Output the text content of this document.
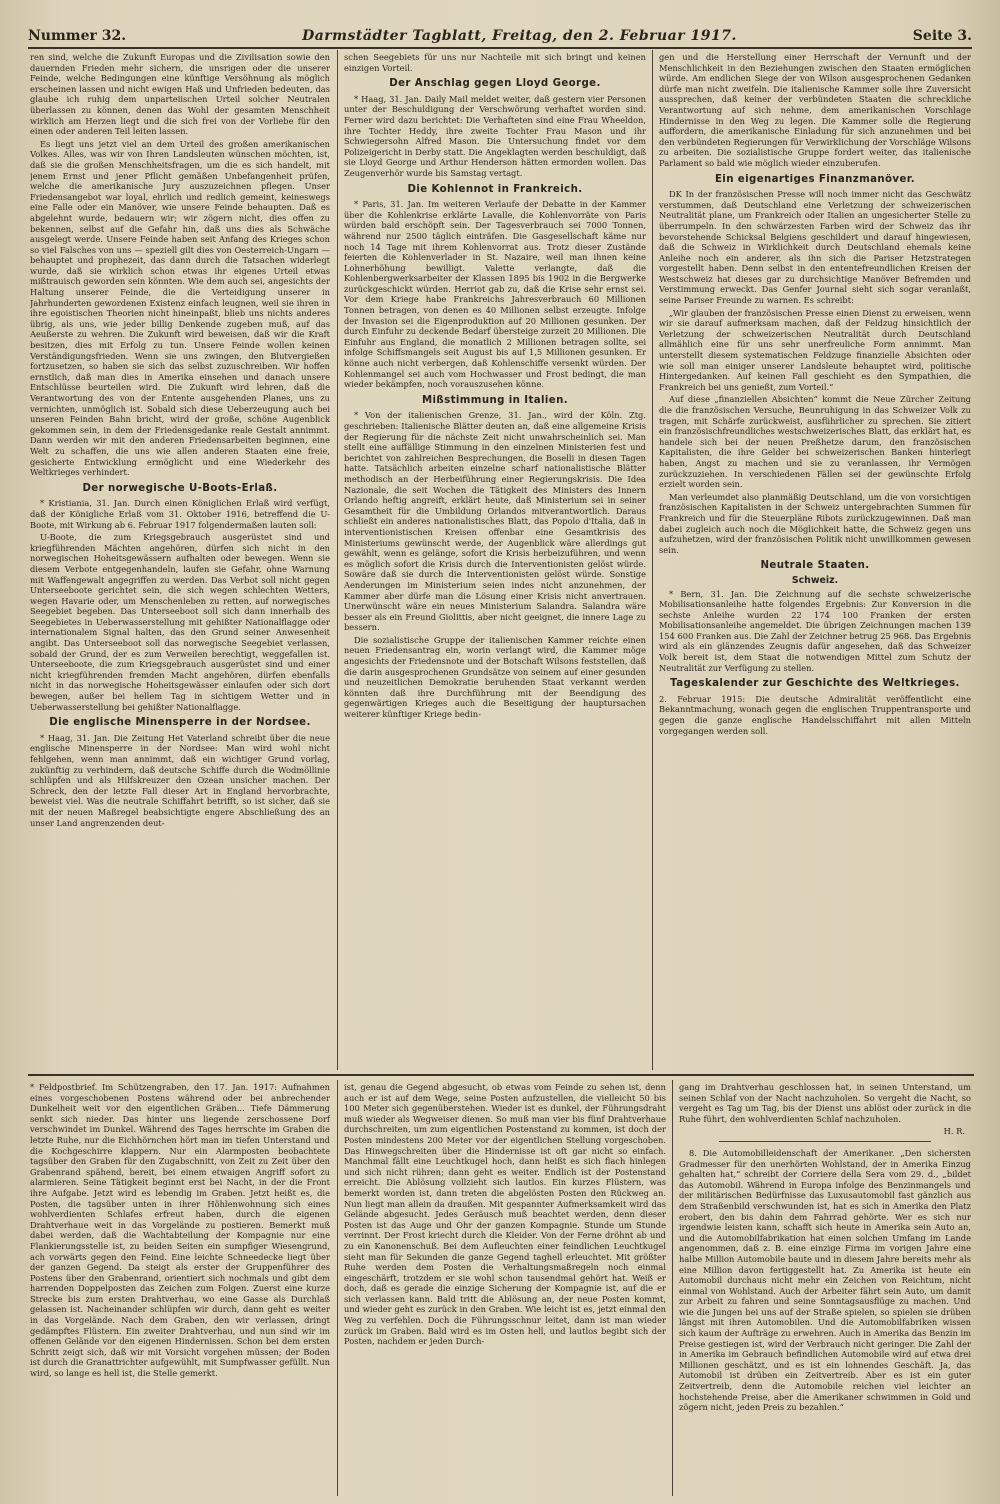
Nummer 32.	Darmstädter Tagblatt, Freitag, den 2. Februar 1917.	Seite 3.

ren sind, welche die Zukunft Europas und die Zivilisation sowie den dauernden Frieden mehr sichern, die unsrigen oder die unserer Feinde, welche Bedingungen eine künftige Versöhnung als möglich erscheinen lassen und nicht ewigen Haß und Unfrieden bedeuten, das glaube ich ruhig dem unparteiischen Urteil solcher Neutralen überlassen zu können, denen das Wohl der gesamten Menschheit wirklich am Herzen liegt und die sich frei von der Vorliebe für den einen oder anderen Teil leiten lassen.

Es liegt uns jetzt viel an dem Urteil des großen amerikanischen Volkes. Alles, was wir von Ihren Landsleuten wünschen möchten, ist, daß sie die großen Menschheitsfragen, um die es sich handelt, mit jenem Ernst und jener Pflicht gemäßen Unbefangenheit prüfen, welche die amerikanische Jury auszuzeichnen pflegen. Unser Friedensangebot war loyal, ehrlich und redlich gemeint, keineswegs eine Falle oder ein Manöver, wie unsere Feinde behaupten. Daß es abgelehnt wurde, bedauern wir; wir zögern nicht, dies offen zu bekennen, selbst auf die Gefahr hin, daß uns dies als Schwäche ausgelegt werde. Unsere Feinde haben seit Anfang des Krieges schon so viel Falsches von uns — speziell gilt dies von Oesterreich-Ungarn — behauptet und prophezeit, das dann durch die Tatsachen widerlegt wurde, daß sie wirklich schon etwas ihr eigenes Urteil etwas mißtrauisch geworden sein könnten. Wie dem auch sei, angesichts der Haltung unserer Feinde, die die Verteidigung unserer in Jahrhunderten gewordenen Existenz einfach leugnen, weil sie ihren in ihre egoistischen Theorien nicht hineinpaßt, blieb uns nichts anderes übrig, als uns, wie jeder billig Denkende zugeben muß, auf das Aeußerste zu wehren. Die Zukunft wird beweisen, daß wir die Kraft besitzen, dies mit Erfolg zu tun. Unsere Feinde wollen keinen Verständigungsfrieden. Wenn sie uns zwingen, den Blutvergießen fortzusetzen, so haben sie sich das selbst zuzuschreiben. Wir hoffen ernstlich, daß man dies in Amerika einsehen und danach unsere Entschlüsse beurteilen wird. Die Zukunft wird lehren, daß die Verantwortung des von der Entente ausgehenden Planes, uns zu vernichten, unmöglich ist. Sobald sich diese Ueberzeugung auch bei unseren Feinden Bahn bricht, wird der große, schöne Augenblick gekommen sein, in dem der Friedensgedanke reale Gestalt annimmt. Dann werden wir mit den anderen Friedensarbeiten beginnen, eine Welt zu schaffen, die uns wie allen anderen Staaten eine freie, gesicherte Entwicklung ermöglicht und eine Wiederkehr des Weltkrieges verhindert.

Der norwegische U-Boots-Erlaß.

* Kristiania, 31. Jan. Durch einen Königlichen Erlaß wird verfügt, daß der Königliche Erlaß vom 31. Oktober 1916, betreffend die U-Boote, mit Wirkung ab 6. Februar 1917 folgendermaßen lauten soll:

U-Boote, die zum Kriegsgebrauch ausgerüstet sind und kriegführenden Mächten angehören, dürfen sich nicht in den norwegischen Hoheitsgewässern aufhalten oder bewegen. Wenn sie diesem Verbote entgegenhandeln, laufen sie Gefahr, ohne Warnung mit Waffengewalt angegriffen zu werden. Das Verbot soll nicht gegen Unterseeboote gerichtet sein, die sich wegen schlechten Wetters, wegen Havarie oder, um Menschenleben zu retten, auf norwegisches Seegebiet begeben. Das Unterseeboot soll sich dann innerhalb des Seegebietes in Ueberwasserstellung mit gehißter Nationalflagge oder internationalem Signal halten, das den Grund seiner Anwesenheit angibt. Das Unterseeboot soll das norwegische Seegebiet verlassen, sobald der Grund, der es zum Verweilen berechtigt, weggefallen ist. Unterseeboote, die zum Kriegsgebrauch ausgerüstet sind und einer nicht kriegführenden fremden Macht angehören, dürfen ebenfalls nicht in das norwegische Hoheitsgewässer einlaufen oder sich dort bewegen, außer bei hellem Tag in sichtigem Wetter und in Ueberwasserstellung bei gehißter Nationalflagge.

Die englische Minensperre in der Nordsee.

* Haag, 31. Jan. Die Zeitung Het Vaterland schreibt über die neue englische Minensperre in der Nordsee: Man wird wohl nicht fehlgehen, wenn man annimmt, daß ein wichtiger Grund vorlag, zukünftig zu verhindern, daß deutsche Schiffe durch die Wodmöllinie schlüpfen und als Hilfskreuzer den Ozean unsicher machen. Der Schreck, den der letzte Fall dieser Art in England hervorbrachte, beweist viel. Was die neutrale Schiffahrt betrifft, so ist sicher, daß sie mit der neuen Maßregel beabsichtigte engere Abschließung des an unser Land angrenzenden deut-

schen Seegebiets für uns nur Nachteile mit sich bringt und keinen einzigen Vorteil.

Der Anschlag gegen Lloyd George.

* Haag, 31. Jan. Daily Mail meldet weiter, daß gestern vier Personen unter der Beschuldigung der Verschwörung verhaftet worden sind. Ferner wird dazu berichtet: Die Verhafteten sind eine Frau Wheeldon, ihre Tochter Heddy, ihre zweite Tochter Frau Mason und ihr Schwiegersohn Alfred Mason. Die Untersuchung findet vor dem Polizeigericht in Derby statt. Die Angeklagten werden beschuldigt, daß sie Lloyd George und Arthur Henderson hätten ermorden wollen. Das Zeugenverhör wurde bis Samstag vertagt.

Die Kohlennot in Frankreich.

* Paris, 31. Jan. Im weiteren Verlaufe der Debatte in der Kammer über die Kohlenkrise erklärte Lavalle, die Kohlenvorräte von Paris würden bald erschöpft sein. Der Tagesverbrauch sei 7000 Tonnen, während nur 2500 täglich einträfen. Die Gasgesellschaft käme nur noch 14 Tage mit ihrem Kohlenvorrat aus. Trotz dieser Zustände feierten die Kohlenverlader in St. Nazaire, weil man ihnen keine Lohnerhöhung bewilligt. Valette verlangte, daß die Kohlenbergwerksarbeiter der Klassen 1895 bis 1902 in die Bergwerke zurückgeschickt würden. Herriot gab zu, daß die Krise sehr ernst sei. Vor dem Kriege habe Frankreichs Jahresverbrauch 60 Millionen Tonnen betragen, von denen es 40 Millionen selbst erzeugte. Infolge der Invasion sei die Eigenproduktion auf 20 Millionen gesunken. Der durch Einfuhr zu deckende Bedarf übersteige zurzeit 20 Millionen. Die Einfuhr aus England, die monatlich 2 Millionen betragen sollte, sei infolge Schiffsmangels seit August bis auf 1,5 Millionen gesunken. Er könne auch nicht verbergen, daß Kohlenschiffe versenkt würden. Der Kohlenmangel sei auch vom Hochwasser und Frost bedingt, die man wieder bekämpfen, noch vorauszusehen könne.

Mißstimmung in Italien.

* Von der italienischen Grenze, 31. Jan., wird der Köln. Ztg. geschrieben: Italienische Blätter deuten an, daß eine allgemeine Krisis der Regierung für die nächste Zeit nicht unwahrscheinlich sei. Man stellt eine auffällige Stimmung in den einzelnen Ministerien fest und berichtet von zahlreichen Besprechungen, die Boselli in diesen Tagen hatte. Tatsächlich arbeiten einzelne scharf nationalistische Blätter methodisch an der Herbeiführung einer Regierungskrisis. Die Idea Nazionale, die seit Wochen die Tätigkeit des Ministers des Innern Orlando heftig angreift, erklärt heute, daß Ministerium sei in seiner Gesamtheit für die Umbildung Orlandos mitverantwortlich. Daraus schließt ein anderes nationalistisches Blatt, das Popolo d'Italia, daß in interventionistischen Kreisen offenbar eine Gesamtkrisis des Ministeriums gewünscht werde, der Augenblick wäre allerdings gut gewählt, wenn es gelänge, sofort die Krisis herbeizuführen, und wenn es möglich sofort die Krisis durch die Interventionisten gelöst würde. Sowäre daß sie durch die Interventionisten gelöst würde. Sonstige Aenderungen im Ministerium seien indes nicht anzunehmen, der Kammer aber dürfe man die Lösung einer Krisis nicht anvertrauen. Unerwünscht wäre ein neues Ministerium Salandra. Salandra wäre besser als ein Freund Giolittis, aber nicht geeignet, die innere Lage zu bessern.

Die sozialistische Gruppe der italienischen Kammer reichte einen neuen Friedensantrag ein, worin verlangt wird, die Kammer möge angesichts der Friedensnote und der Botschaft Wilsons feststellen, daß die darin ausgesprochenen Grundsätze von seinem auf einer gesunden und neuzeitlichen Demokratie beruhenden Staat verkannt werden könnten daß ihre Durchführung mit der Beendigung des gegenwärtigen Krieges auch die Beseitigung der hauptursachen weiterer künftiger Kriege bedin-

gen und die Herstellung einer Herrschaft der Vernunft und der Menschlichkeit in den Beziehungen zwischen den Staaten ermöglichen würde. Am endlichen Siege der von Wilson ausgesprochenen Gedanken dürfe man nicht zweifeln. Die italienische Kammer solle ihre Zuversicht aussprechen, daß keiner der verbündeten Staaten die schreckliche Verantwortung auf sich nehme, dem amerikanischen Vorschlage Hindernisse in den Weg zu legen. Die Kammer solle die Regierung auffordern, die amerikanische Einladung für sich anzunehmen und bei den verbündeten Regierungen für Verwirklichung der Vorschläge Wilsons zu arbeiten. Die sozialistische Gruppe fordert weiter, das italienische Parlament so bald wie möglich wieder einzuberufen.

Ein eigenartiges Finanzmanöver.

DK In der französischen Presse will noch immer nicht das Geschwätz verstummen, daß Deutschland eine Verletzung der schweizerischen Neutralität plane, um Frankreich oder Italien an ungesicherter Stelle zu überrumpeln. In den schwärzesten Farben wird der Schweiz das ihr bevorstehende Schicksal Belgiens geschildert und darauf hingewiesen, daß die Schweiz in Wirklichkeit durch Deutschland ehemals keine Anleihe noch ein anderer, als ihn sich die Pariser Hetzstrategen vorgestellt haben. Denn selbst in den ententefreundlichen Kreisen der Westschweiz hat dieses gar zu durchsichtige Manöver Befremden und Verstimmung erweckt. Das Genfer Journal sieht sich sogar veranlaßt, seine Pariser Freunde zu warnen. Es schreibt:

„Wir glauben der französischen Presse einen Dienst zu erweisen, wenn wir sie darauf aufmerksam machen, daß der Feldzug hinsichtlich der Verletzung der schweizerischen Neutralität durch Deutschland allmählich eine für uns sehr unerfreuliche Form annimmt. Man unterstellt diesem systematischen Feldzuge finanzielle Absichten oder wie soll man einiger unserer Landsleute behauptet wird, politische Hintergedanken. Auf keinen Fall geschieht es den Sympathien, die Frankreich bei uns genießt, zum Vorteil.“

Auf diese „finanziellen Absichten“ kommt die Neue Zürcher Zeitung die die französischen Versuche, Beunruhigung in das Schweizer Volk zu tragen, mit Schärfe zurückweist, ausführlicher zu sprechen. Sie zitiert ein französischfreundliches westschweizerisches Blatt, das erklärt hat, es handele sich bei der neuen Preßhetze darum, den französischen Kapitalisten, die ihre Gelder bei schweizerischen Banken hinterlegt haben, Angst zu machen und sie zu veranlassen, ihr Vermögen zurückzuziehen. In verschiedenen Fällen sei der gewünschte Erfolg erzielt worden sein.

Man verleumdet also planmäßig Deutschland, um die von vorsichtigen französischen Kapitalisten in der Schweiz untergebrachten Summen für Frankreich und für die Steuerpläne Ribots zurückzugewinnen. Daß man dabei zugleich auch noch die Möglichkeit hatte, die Schweiz gegen uns aufzuhetzen, wird der französischen Politik nicht unwillkommen gewesen sein.

Neutrale Staaten.
Schweiz.

* Bern, 31. Jan. Die Zeichnung auf die sechste schweizerische Mobilisationsanleihe hatte folgendes Ergebnis: Zur Konversion in die sechste Anleihe wurden 22 174 100 Franken der ersten Mobilisationsanleihe angemeldet. Die übrigen Zeichnungen machen 139 154 600 Franken aus. Die Zahl der Zeichner betrug 25 968. Das Ergebnis wird als ein glänzendes Zeugnis dafür angesehen, daß das Schweizer Volk bereit ist, dem Staat die notwendigen Mittel zum Schutz der Neutralität zur Verfügung zu stellen.

Tageskalender zur Geschichte des Weltkrieges.

2. Februar 1915: Die deutsche Admiralität veröffentlicht eine Bekanntmachung, wonach gegen die englischen Truppentransporte und gegen die ganze englische Handelsschiffahrt mit allen Mitteln vorgegangen werden soll.

* Feldpostbrief. Im Schützengraben, den 17. Jan. 1917: Aufnahmen eines vorgeschobenen Postens während oder bei anbrechender Dunkelheit weit vor den eigentlichen Gräben... Tiefe Dämmerung senkt sich nieder. Das hinter uns liegende zerschossene Dorf verschwindet im Dunkel. Während des Tages herrschte im Graben die letzte Ruhe, nur die Eichhörnchen hört man im tiefen Unterstand und die Kochgeschirre klappern. Nur ein Alarmposten beobachtete tagsüber den Graben für den Zugabschnitt, von Zeit zu Zeit über den Grabenrand spähend, bereit, bei einem etwaigen Angriff sofort zu alarmieren. Seine Tätigkeit beginnt erst bei Nacht, in der die Front ihre Aufgabe. Jetzt wird es lebendig im Graben. Jetzt heißt es, die Posten, die tagsüber unten in ihrer Höhlenwohnung sich eines wohlverdienten Schlafes erfreut haben, durch die eigenen Drahtverhaue weit in das Vorgelände zu postieren. Bemerkt muß dabei werden, daß die Wachtabteilung der Kompagnie nur eine Flankierungsstelle ist, zu beiden Seiten ein sumpfiger Wiesengrund, ach vorwärts gegen den Feind. Eine leichte Schneedecke liegt über der ganzen Gegend. Da steigt als erster der Gruppenführer des Postens über den Grabenrand, orientiert sich nochmals und gibt dem harrenden Doppelposten das Zeichen zum Folgen. Zuerst eine kurze Strecke bis zum ersten Drahtverhau, wo eine Gasse als Durchlaß gelassen ist. Nacheinander schlüpfen wir durch, dann geht es weiter in das Vorgelände. Nach dem Graben, den wir verlassen, dringt gedämpftes Flüstern. Ein zweiter Drahtverhau, und nun sind wir im offenen Gelände vor den eigenen Hindernissen. Schon bei dem ersten Schritt zeigt sich, daß wir mit Vorsicht vorgehen müssen; der Boden ist durch die Granattrichter aufgewühlt, mit Sumpfwasser gefüllt. Nun wird, so lange es hell ist, die Stelle gemerkt.

ist, genau die Gegend abgesucht, ob etwas vom Feinde zu sehen ist, denn auch er ist auf dem Wege, seine Posten aufzustellen, die vielleicht 50 bis 100 Meter sich gegenüberstehen. Wieder ist es dunkel, der Führungsdraht muß wieder als Wegweiser dienen. So muß man vier bis fünf Drahtverhaue durchschreiten, um zum eigentlichen Postenstand zu kommen, ist doch der Posten mindestens 200 Meter vor der eigentlichen Stellung vorgeschoben. Das Hinwegschreiten über die Hindernisse ist oft gar nicht so einfach. Manchmal fällt eine Leuchtkugel hoch, dann heißt es sich flach hinlegen und sich nicht rühren; dann geht es weiter. Endlich ist der Postenstand erreicht. Die Ablösung vollzieht sich lautlos. Ein kurzes Flüstern, was bemerkt worden ist, dann treten die abgelösten Posten den Rückweg an. Nun liegt man allein da draußen. Mit gespannter Aufmerksamkeit wird das Gelände abgesucht. Jedes Geräusch muß beachtet werden, denn dieser Posten ist das Auge und Ohr der ganzen Kompagnie. Stunde um Stunde verrinnt. Der Frost kriecht durch die Kleider. Von der Ferne dröhnt ab und zu ein Kanonenschuß. Bei dem Aufleuchten einer feindlichen Leuchtkugel sieht man für Sekunden die ganze Gegend taghell erleuchtet. Mit größter Ruhe werden dem Posten die Verhaltungsmaßregeln noch einmal eingeschärft, trotzdem er sie wohl schon tausendmal gehört hat. Weiß er doch, daß es gerade die einzige Sicherung der Kompagnie ist, auf die er sich verlassen kann. Bald tritt die Ablösung an, der neue Posten kommt, und wieder geht es zurück in den Graben. Wie leicht ist es, jetzt einmal den Weg zu verfehlen. Doch die Führungsschnur leitet, dann ist man wieder zurück im Graben. Bald wird es im Osten hell, und lautlos begibt sich der Posten, nachdem er jeden Durch-

gang im Drahtverhau geschlossen hat, in seinen Unterstand, um seinen Schlaf von der Nacht nachzuholen. So vergeht die Nacht, so vergeht es Tag um Tag, bis der Dienst uns ablöst oder zurück in die Ruhe führt, den wohlverdienten Schlaf nachzuholen.

H. R.

8. Die Automobilleidenschaft der Amerikaner. „Den sichersten Gradmesser für den unerhörten Wohlstand, der in Amerika Einzug gehalten hat,“ schreibt der Corriere della Sera vom 29. d., „bildet das Automobil. Während in Europa infolge des Benzinmangels und der militärischen Bedürfnisse das Luxusautomobil fast gänzlich aus dem Straßenbild verschwunden ist, hat es sich in Amerika den Platz erobert, den bis dahin dem Fahrrad gehörte. Wer es sich nur irgendwie leisten kann, schafft sich heute in Amerika sein Auto an, und die Automobilfabrikation hat einen solchen Umfang im Lande angenommen, daß z. B. eine einzige Firma im vorigen Jahre eine halbe Million Automobile baute und in diesem Jahre bereits mehr als eine Million davon fertiggestellt hat. Zu Amerika ist heute ein Automobil durchaus nicht mehr ein Zeichen von Reichtum, nicht einmal von Wohlstand. Auch der Arbeiter fährt sein Auto, um damit zur Arbeit zu fahren und seine Sonntagsausflüge zu machen. Und wie die Jungen bei uns auf der Straße spielen, so spielen sie drüben längst mit ihren Automobilen. Und die Automobilfabriken wissen sich kaum der Aufträge zu erwehren. Auch in Amerika das Benzin im Preise gestiegen ist, wird der Verbrauch nicht geringer. Die Zahl der in Amerika im Gebrauch befindlichen Automobile wird auf etwa drei Millionen geschätzt, und es ist ein lohnendes Geschäft. Ja, das Automobil ist drüben ein Zeitvertreib. Aber es ist ein guter Zeitvertreib, denn die Automobile reichen viel leichter an hochstehende Preise, aber die Amerikaner schwimmen in Gold und zögern nicht, jeden Preis zu bezahlen.“
